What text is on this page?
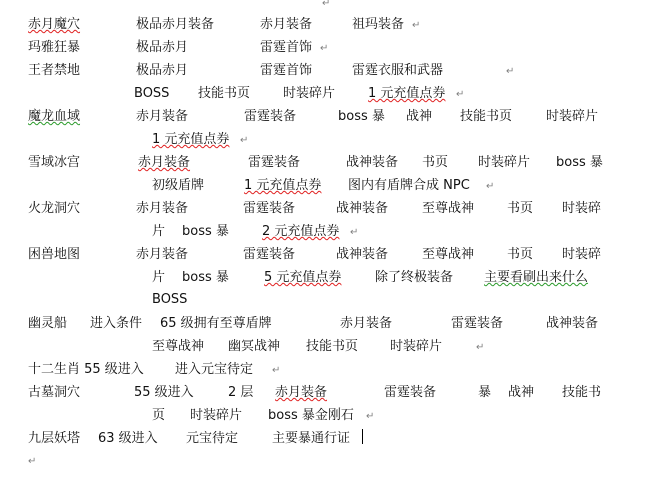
↵
赤月魔穴	极品赤月装备	赤月装备	祖玛装备 ↵
玛雅狂暴	极品赤月	雷霆首饰 ↵
王者禁地	极品赤月	雷霆首饰	雷霆衣服和武器	↵
BOSS 技能书页	时装碎片	1 元充值点券 ↵
魔龙血域	赤月装备	雷霆装备	boss 暴 战神 技能书页	时装碎片
1 元充值点券 ↵
雪域冰宫	赤月装备	雷霆装备	战神装备 书页 时装碎片 boss 暴
初级盾牌	1 元充值点券 图内有盾牌合成 NPC ↵
火龙洞穴	赤月装备	雷霆装备	战神装备	至尊战神	书页 时装碎
片 boss 暴	2 元充值点券 ↵
困兽地图	赤月装备	雷霆装备	战神装备	至尊战神	书页 时装碎
片 boss 暴	5 元充值点券	除了终极装备 主要看刷出来什么
BOSS
幽灵船 进入条件 65 级拥有至尊盾牌	赤月装备	雷霆装备	战神装备
至尊战神 幽冥战神 技能书页 时装碎片	↵
十二生肖 55 级进入 进入元宝待定 ↵
古墓洞穴	55 级进入	2 层 赤月装备	雷霆装备	暴 战神 技能书
页 时装碎片 boss 暴金刚石 ↵
九层妖塔 63 级进入 元宝待定	主要暴通行证
↵
